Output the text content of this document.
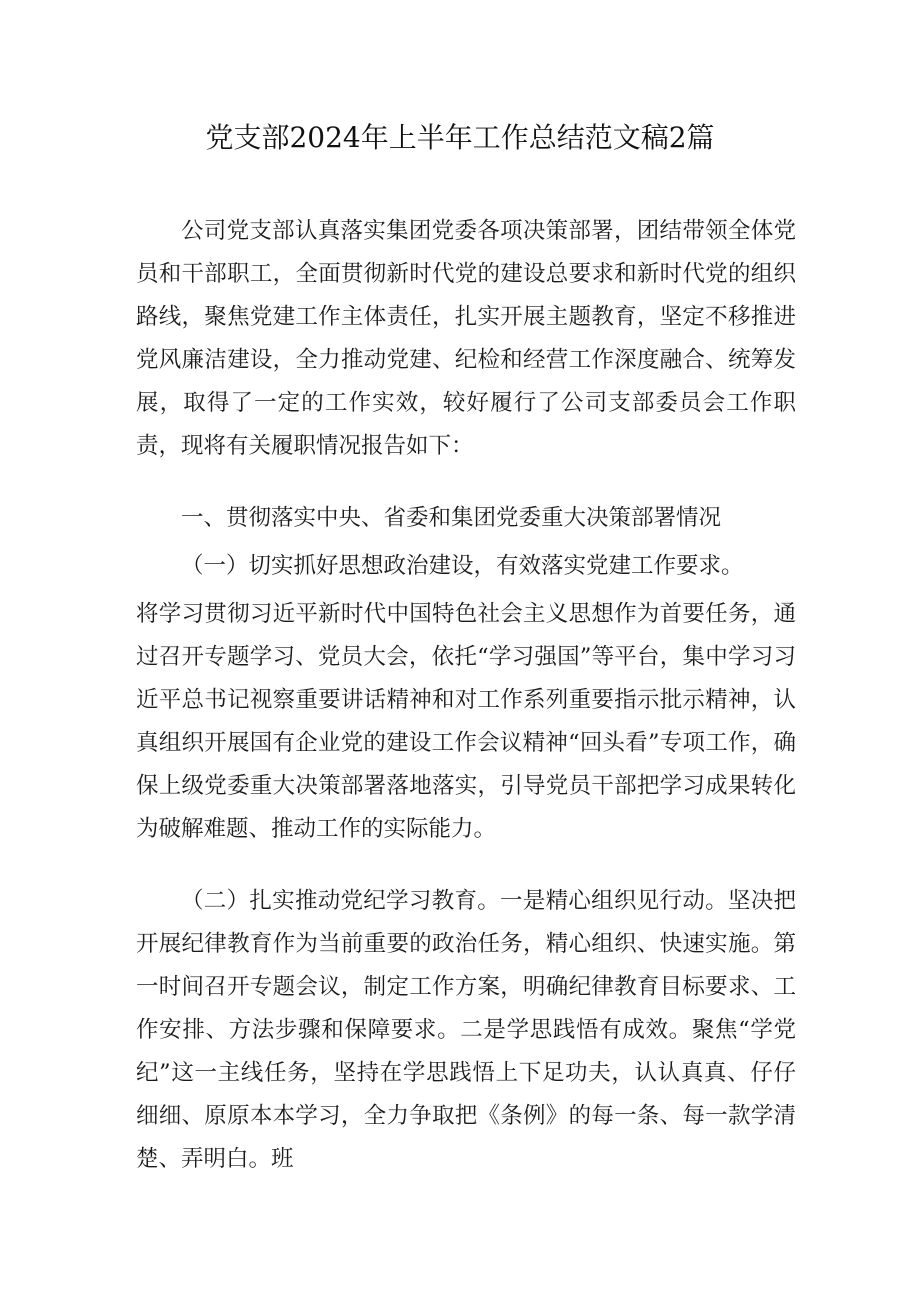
党支部2024年上半年工作总结范文稿2篇
公司党支部认真落实集团党委各项决策部署，团结带领全体党员和干部职工，全面贯彻新时代党的建设总要求和新时代党的组织路线，聚焦党建工作主体责任，扎实开展主题教育，坚定不移推进党风廉洁建设，全力推动党建、纪检和经营工作深度融合、统筹发展，取得了一定的工作实效，较好履行了公司支部委员会工作职责，现将有关履职情况报告如下：
一、贯彻落实中央、省委和集团党委重大决策部署情况
（一）切实抓好思想政治建设，有效落实党建工作要求。
将学习贯彻习近平新时代中国特色社会主义思想作为首要任务，通过召开专题学习、党员大会，依托“学习强国”等平台，集中学习习近平总书记视察重要讲话精神和对工作系列重要指示批示精神，认真组织开展国有企业党的建设工作会议精神“回头看”专项工作，确保上级党委重大决策部署落地落实，引导党员干部把学习成果转化为破解难题、推动工作的实际能力。
（二）扎实推动党纪学习教育。一是精心组织见行动。坚决把开展纪律教育作为当前重要的政治任务，精心组织、快速实施。第一时间召开专题会议，制定工作方案，明确纪律教育目标要求、工作安排、方法步骤和保障要求。二是学思践悟有成效。聚焦“学党纪”这一主线任务，坚持在学思践悟上下足功夫，认认真真、仔仔细细、原原本本学习，全力争取把《条例》的每一条、每一款学清楚、弄明白。班
